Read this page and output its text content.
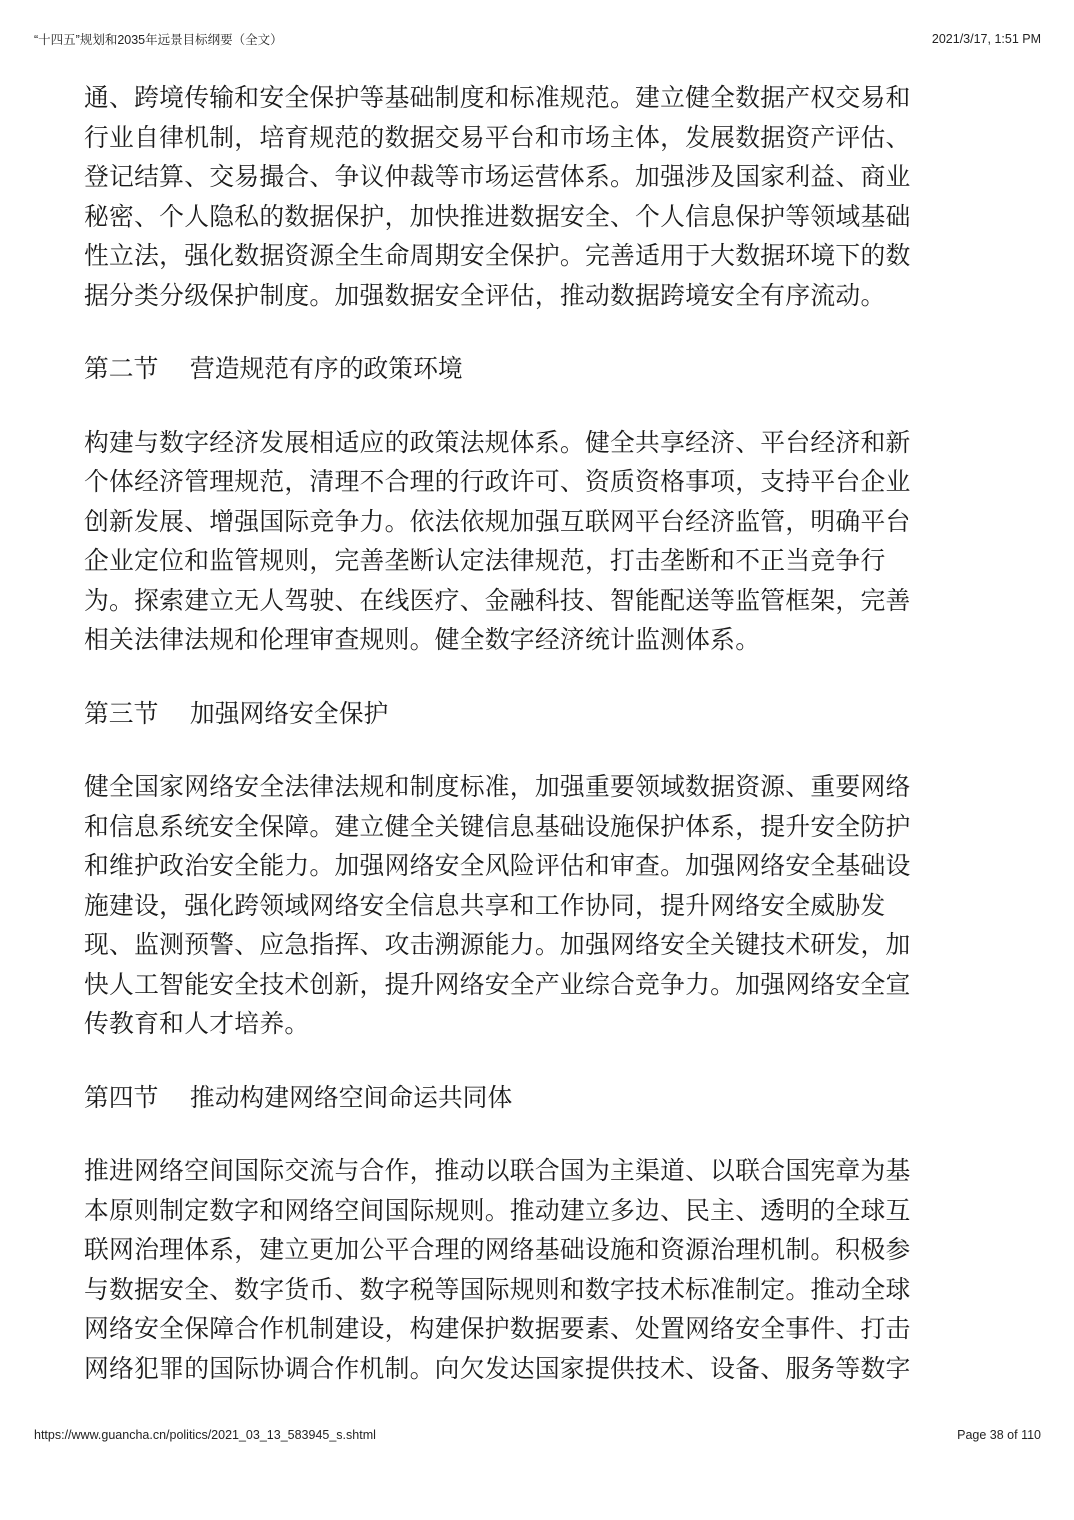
“十四五”规划和2035年远景目标纲要（全文）	2021/3/17, 1:51 PM
通、跨境传输和安全保护等基础制度和标准规范。建立健全数据产权交易和
行业自律机制，培育规范的数据交易平台和市场主体，发展数据资产评估、
登记结算、交易撮合、争议仲裁等市场运营体系。加强涉及国家利益、商业
秘密、个人隐私的数据保护，加快推进数据安全、个人信息保护等领域基础
性立法，强化数据资源全生命周期安全保护。完善适用于大数据环境下的数
据分类分级保护制度。加强数据安全评估，推动数据跨境安全有序流动。
第二节    营造规范有序的政策环境
构建与数字经济发展相适应的政策法规体系。健全共享经济、平台经济和新
个体经济管理规范，清理不合理的行政许可、资质资格事项，支持平台企业
创新发展、增强国际竞争力。依法依规加强互联网平台经济监管，明确平台
企业定位和监管规则，完善垄断认定法律规范，打击垄断和不正当竞争行
为。探索建立无人驾驶、在线医疗、金融科技、智能配送等监管框架，完善
相关法律法规和伦理审查规则。健全数字经济统计监测体系。
第三节    加强网络安全保护
健全国家网络安全法律法规和制度标准，加强重要领域数据资源、重要网络
和信息系统安全保障。建立健全关键信息基础设施保护体系，提升安全防护
和维护政治安全能力。加强网络安全风险评估和审查。加强网络安全基础设
施建设，强化跨领域网络安全信息共享和工作协同，提升网络安全威胁发
现、监测预警、应急指挥、攻击溯源能力。加强网络安全关键技术研发，加
快人工智能安全技术创新，提升网络安全产业综合竞争力。加强网络安全宣
传教育和人才培养。
第四节    推动构建网络空间命运共同体
推进网络空间国际交流与合作，推动以联合国为主渠道、以联合国宪章为基
本原则制定数字和网络空间国际规则。推动建立多边、民主、透明的全球互
联网治理体系，建立更加公平合理的网络基础设施和资源治理机制。积极参
与数据安全、数字货币、数字税等国际规则和数字技术标准制定。推动全球
网络安全保障合作机制建设，构建保护数据要素、处置网络安全事件、打击
网络犯罪的国际协调合作机制。向欠发达国家提供技术、设备、服务等数字
https://www.guancha.cn/politics/2021_03_13_583945_s.shtml	Page 38 of 110
